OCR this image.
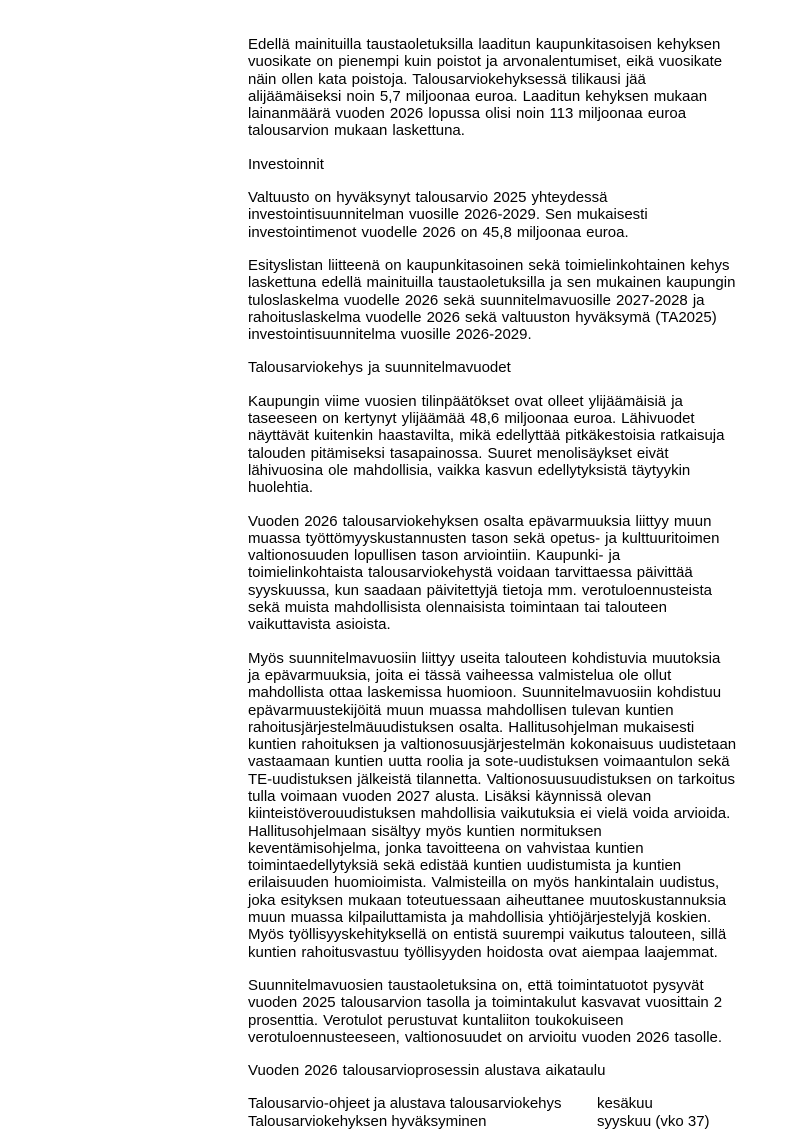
Edellä mainituilla taustaoletuksilla laaditun kaupunkitasoisen kehyksen vuosikate on pienempi kuin poistot ja arvonalentumiset, eikä vuosikate näin ollen kata poistoja. Talousarviokehyksessä tilikausi jää alijäämäiseksi noin 5,7 miljoonaa euroa. Laaditun kehyksen mukaan lainanmäärä vuoden 2026 lopussa olisi noin 113 miljoonaa euroa talousarvion mukaan laskettuna.

Investoinnit

Valtuusto on hyväksynyt talousarvio 2025 yhteydessä investointisuunnitelman vuosille 2026-2029. Sen mukaisesti investointimenot vuodelle 2026 on 45,8 miljoonaa euroa.

Esityslistan liitteenä on kaupunkitasoinen sekä toimielinkohtainen kehys laskettuna edellä mainituilla taustaoletuksilla ja sen mukainen kaupungin tuloslaskelma vuodelle 2026 sekä suunnitelmavuosille 2027-2028 ja rahoituslaskelma vuodelle 2026 sekä valtuuston hyväksymä (TA2025) investointisuunnitelma vuosille 2026-2029.

Talousarviokehys ja suunnitelmavuodet

Kaupungin viime vuosien tilinpäätökset ovat olleet ylijäämäisiä ja taseeseen on kertynyt ylijäämää 48,6 miljoonaa euroa. Lähivuodet näyttävät kuitenkin haastavilta, mikä edellyttää pitkäkestoisia ratkaisuja talouden pitämiseksi tasapainossa. Suuret menolisäykset eivät lähivuosina ole mahdollisia, vaikka kasvun edellytyksistä täytyykin huolehtia.

Vuoden 2026 talousarviokehyksen osalta epävarmuuksia liittyy muun muassa työttömyyskustannusten tason sekä opetus- ja kulttuuritoimen valtionosuuden lopullisen tason arviointiin. Kaupunki- ja toimielinkohtaista talousarviokehystä voidaan tarvittaessa päivittää syyskuussa, kun saadaan päivitettyjä tietoja mm. verotuloennusteista sekä muista mahdollisista olennaisista toimintaan tai talouteen vaikuttavista asioista.

Myös suunnitelmavuosiin liittyy useita talouteen kohdistuvia muutoksia ja epävarmuuksia, joita ei tässä vaiheessa valmistelua ole ollut mahdollista ottaa laskemissa huomioon. Suunnitelmavuosiin kohdistuu epävarmuustekijöitä muun muassa mahdollisen tulevan kuntien rahoitusjärjestelmäuudistuksen osalta. Hallitusohjelman mukaisesti kuntien rahoituksen ja valtionosuusjärjestelmän kokonaisuus uudistetaan vastaamaan kuntien uutta roolia ja sote-uudistuksen voimaantulon sekä TE-uudistuksen jälkeistä tilannetta. Valtionosuusuudistuksen on tarkoitus tulla voimaan vuoden 2027 alusta. Lisäksi käynnissä olevan kiinteistöverouudistuksen mahdollisia vaikutuksia ei vielä voida arvioida. Hallitusohjelmaan sisältyy myös kuntien normituksen keventämisohjelma, jonka tavoitteena on vahvistaa kuntien toimintaedellytyksiä sekä edistää kuntien uudistumista ja kuntien erilaisuuden huomioimista. Valmisteilla on myös hankintalain uudistus, joka esityksen mukaan toteutuessaan aiheuttanee muutoskustannuksia muun muassa kilpailuttamista ja mahdollisia yhtiöjärjestelyjä koskien. Myös työllisyyskehityksellä on entistä suurempi vaikutus talouteen, sillä kuntien rahoitusvastuu työllisyyden hoidosta ovat aiempaa laajemmat.

Suunnitelmavuosien taustaoletuksina on, että toimintatuotot pysyvät vuoden 2025 talousarvion tasolla ja toimintakulut kasvavat vuosittain 2 prosenttia. Verotulot perustuvat kuntaliiton toukokuiseen verotuloennusteeseen, valtionosuudet on arvioitu vuoden 2026 tasolle.

Vuoden 2026 talousarvioprosessin alustava aikataulu

Talousarvio-ohjeet ja alustava talousarviokehys	kesäkuu
Talousarviokehyksen hyväksyminen	syyskuu (vko 37)
